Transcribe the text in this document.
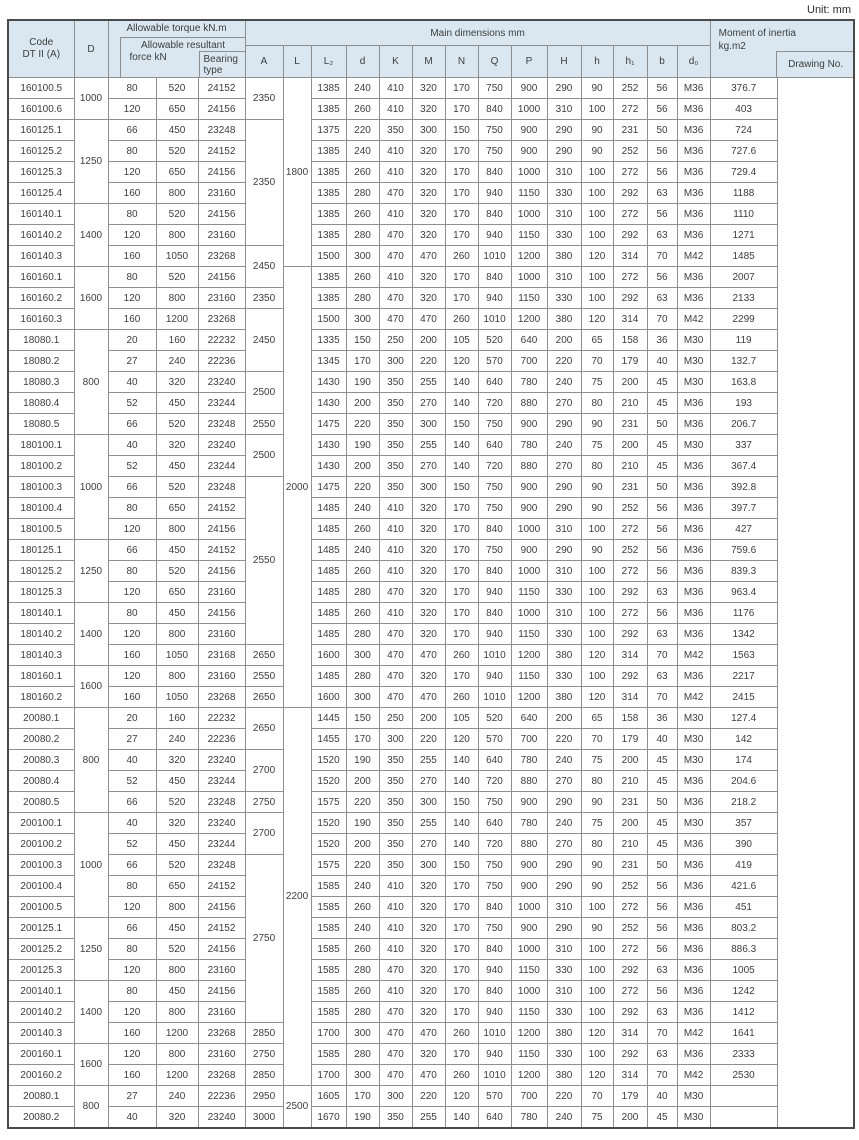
Unit: mm
Code
DT II (A)	D	
Allowable torque kN.m
Allowable resultant
force kN	Bearing
type
	Main dimensions mm	Moment of inertia
kg.m2
Drawing No.

					A	L	L₂	d	K	M	N	Q	P	H	h	h₁	b	d₀	
160100.5	1000	80	520	24152	2350	1800	1385	240	410	320	170	750	900	290	90	252	56	M36	376.7
160100.6		120	650	24156			1385	260	410	320	170	840	1000	310	100	272	56	M36	403
160125.1	1250	66	450	23248	2350		1375	220	350	300	150	750	900	290	90	231	50	M36	724
160125.2		80	520	24152			1385	240	410	320	170	750	900	290	90	252	56	M36	727.6
160125.3		120	650	24156			1385	260	410	320	170	840	1000	310	100	272	56	M36	729.4
160125.4		160	800	23160			1385	280	470	320	170	940	1150	330	100	292	63	M36	1188
160140.1	1400	80	520	24156			1385	260	410	320	170	840	1000	310	100	272	56	M36	1110
160140.2		120	800	23160			1385	280	470	320	170	940	1150	330	100	292	63	M36	1271
160140.3		160	1050	23268	2450		1500	300	470	470	260	1010	1200	380	120	314	70	M42	1485
160160.1	1600	80	520	24156		2000	1385	260	410	320	170	840	1000	310	100	272	56	M36	2007
160160.2		120	800	23160	2350		1385	280	470	320	170	940	1150	330	100	292	63	M36	2133
160160.3		160	1200	23268	2450		1500	300	470	470	260	1010	1200	380	120	314	70	M42	2299
18080.1	800	20	160	22232			1335	150	250	200	105	520	640	200	65	158	36	M30	119
18080.2		27	240	22236			1345	170	300	220	120	570	700	220	70	179	40	M30	132.7
18080.3		40	320	23240	2500		1430	190	350	255	140	640	780	240	75	200	45	M30	163.8
18080.4		52	450	23244			1430	200	350	270	140	720	880	270	80	210	45	M36	193
18080.5		66	520	23248	2550		1475	220	350	300	150	750	900	290	90	231	50	M36	206.7
180100.1	1000	40	320	23240	2500		1430	190	350	255	140	640	780	240	75	200	45	M30	337
180100.2		52	450	23244			1430	200	350	270	140	720	880	270	80	210	45	M36	367.4
180100.3		66	520	23248	2550		1475	220	350	300	150	750	900	290	90	231	50	M36	392.8
180100.4		80	650	24152			1485	240	410	320	170	750	900	290	90	252	56	M36	397.7
180100.5		120	800	24156			1485	260	410	320	170	840	1000	310	100	272	56	M36	427
180125.1	1250	66	450	24152			1485	240	410	320	170	750	900	290	90	252	56	M36	759.6
180125.2		80	520	24156			1485	260	410	320	170	840	1000	310	100	272	56	M36	839.3
180125.3		120	650	23160			1485	280	470	320	170	940	1150	330	100	292	63	M36	963.4
180140.1	1400	80	450	24156			1485	260	410	320	170	840	1000	310	100	272	56	M36	1176
180140.2		120	800	23160			1485	280	470	320	170	940	1150	330	100	292	63	M36	1342
180140.3		160	1050	23168	2650		1600	300	470	470	260	1010	1200	380	120	314	70	M42	1563
180160.1	1600	120	800	23160	2550		1485	280	470	320	170	940	1150	330	100	292	63	M36	2217
180160.2		160	1050	23268	2650		1600	300	470	470	260	1010	1200	380	120	314	70	M42	2415
20080.1	800	20	160	22232	2650	2200	1445	150	250	200	105	520	640	200	65	158	36	M30	127.4
20080.2		27	240	22236			1455	170	300	220	120	570	700	220	70	179	40	M30	142
20080.3		40	320	23240	2700		1520	190	350	255	140	640	780	240	75	200	45	M30	174
20080.4		52	450	23244			1520	200	350	270	140	720	880	270	80	210	45	M36	204.6
20080.5		66	520	23248	2750		1575	220	350	300	150	750	900	290	90	231	50	M36	218.2
200100.1	1000	40	320	23240	2700		1520	190	350	255	140	640	780	240	75	200	45	M30	357
200100.2		52	450	23244			1520	200	350	270	140	720	880	270	80	210	45	M36	390
200100.3		66	520	23248	2750		1575	220	350	300	150	750	900	290	90	231	50	M36	419
200100.4		80	650	24152			1585	240	410	320	170	750	900	290	90	252	56	M36	421.6
200100.5		120	800	24156			1585	260	410	320	170	840	1000	310	100	272	56	M36	451
200125.1	1250	66	450	24152			1585	240	410	320	170	750	900	290	90	252	56	M36	803.2
200125.2		80	520	24156			1585	260	410	320	170	840	1000	310	100	272	56	M36	886.3
200125.3		120	800	23160			1585	280	470	320	170	940	1150	330	100	292	63	M36	1005
200140.1	1400	80	450	24156			1585	260	410	320	170	840	1000	310	100	272	56	M36	1242
200140.2		120	800	23160			1585	280	470	320	170	940	1150	330	100	292	63	M36	1412
200140.3		160	1200	23268	2850		1700	300	470	470	260	1010	1200	380	120	314	70	M42	1641
200160.1	1600	120	800	23160	2750		1585	280	470	320	170	940	1150	330	100	292	63	M36	2333
200160.2		160	1200	23268	2850		1700	300	470	470	260	1010	1200	380	120	314	70	M42	2530
20080.1	800	27	240	22236	2950	2500	1605	170	300	220	120	570	700	220	70	179	40	M30	
20080.2		40	320	23240	3000		1670	190	350	255	140	640	780	240	75	200	45	M30	
